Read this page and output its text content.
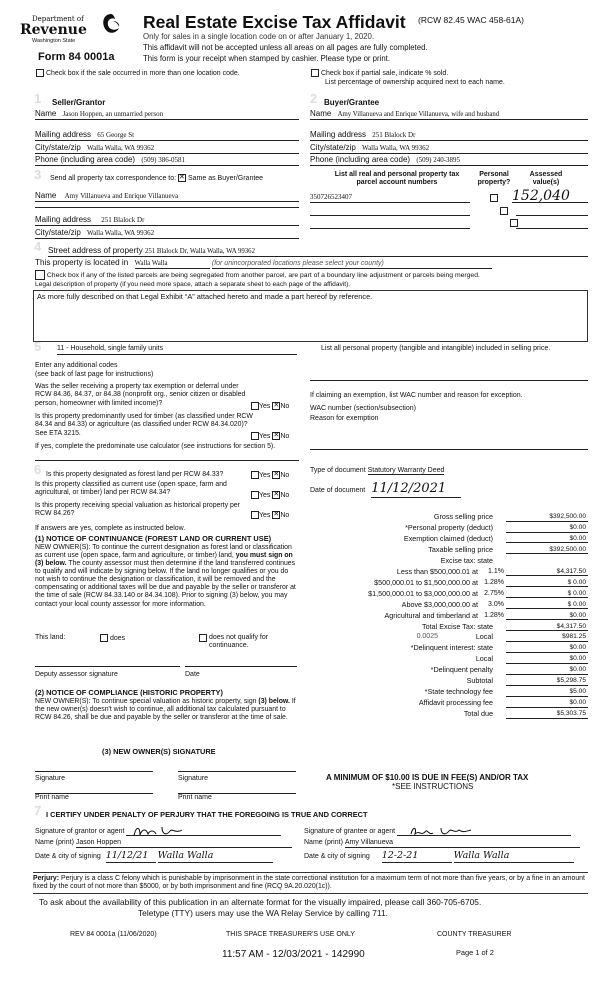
Department of
Revenue
Washington State
Form 84 0001a
Real Estate Excise Tax Affidavit (RCW 82.45 WAC 458-61A)
Only for sales in a single location code on or after January 1, 2020.
This affidavit will not be accepted unless all areas on all pages are fully completed.
This form is your receipt when stamped by cashier. Please type or print.
Check box if the sale occurred in more than one location code.	Check box if partial sale, indicate % sold.
List percentage of ownership acquired next to each name.
1 Seller/Grantor
Name Jason Hoppen, an unmarried person
Mailing address 65 George St
City/state/zip Walla Walla, WA 99362
Phone (including area code) (509) 386-0581
2 Buyer/Grantee
Name Amy Villanueva and Enrique Villanueva, wife and husband
Mailing address 251 Blalock Dr
City/state/zip Walla Walla, WA 99362
Phone (including area code) (509) 240-3895
3 Send all property tax correspondence to: ✕ Same as Buyer/Grantee
Name Amy Villanueva and Enrique Villanueva
Mailing address 251 Blalock Dr
City/state/zip Walla Walla, WA 99362
List all real and personal property tax
parcel account numbers
Personal property?
Assessed value(s)
350726523407
	152,040
4 Street address of property 251 Blalock Dr, Walla Walla, WA 99362
This property is located in Walla Walla	(for unincorporated locations please select your county)
Check box if any of the listed parcels are being segregated from another parcel, are part of a boundary line adjustment or parcels being merged.
Legal description of property (if you need more space, attach a separate sheet to each page of the affidavit).
As more fully described on that Legal Exhibit “A” attached hereto and made a part hereof by reference.
5 11 - Household, single family units
Enter any additional codes
(see back of last page for instructions)
Was the seller receiving a property tax exemption or deferral under RCW 84.36, 84.37, or 84.38 (nonprofit org., senior citizen or disabled person, homeowner with limited income)?	Yes ✕ No
Is this property predominantly used for timber (as classified under RCW 84.34 and 84.33) or agriculture (as classified under RCW 84.34.020)? See ETA 3215.	Yes ✕ No
If yes, complete the predominate use calculator (see instructions for section 5).
List all personal property (tangible and intangible) included in selling price.
If claiming an exemption, list WAC number and reason for exception.
WAC number (section/subsection)
Reason for exemption
6 Is this property designated as forest land per RCW 84.33?	Yes ✕ No
Is this property classified as current use (open space, farm and agricultural, or timber) land per RCW 84.34?	Yes ✕ No
Is this property receiving special valuation as historical property per RCW 84.26?	Yes ✕ No
If answers are yes, complete as instructed below.
(1) NOTICE OF CONTINUANCE (FOREST LAND OR CURRENT USE)
NEW OWNER(S): To continue the current designation as forest land or classification as current use (open space, farm and agriculture, or timber) land, you must sign on (3) below. The county assessor must then determine if the land transferred continues to qualify and will indicate by signing below. If the land no longer qualifies or you do not wish to continue the designation or classification, it will be removed and the compensating or additional taxes will be due and payable by the seller or transferor at the time of sale (RCW 84.33.140 or 84.34.108). Prior to signing (3) below, you may contact your local county assessor for more information.
This land:	does	does not qualify for continuance.
Deputy assessor signature	Date
(2) NOTICE OF COMPLIANCE (HISTORIC PROPERTY)
NEW OWNER(S): To continue special valuation as historic property, sign (3) below. If the new owner(s) doesn't wish to continue, all additional tax calculated pursuant to RCW 84.26, shall be due and payable by the seller or transferor at the time of sale.
(3) NEW OWNER(S) SIGNATURE
Signature	Signature
Print name	Print name
Type of document Statutory Warranty Deed
Date of document 11/12/2021
Gross selling price	$392,500.00
*Personal property (deduct)	$0.00
Exemption claimed (deduct)	$0.00
Taxable selling price	$392,500.00
Excise tax: state
Less than $500,000.01 at 1.1%	$4,317.50
$500,000.01 to $1,500,000.00 at 1.28%	$ 0.00
$1,500,000.01 to $3,000,000.00 at 2.75%	$ 0.00
Above $3,000,000.00 at 3.0%	$ 0.00
Agricultural and timberland at 1.28%	$0.00
Total Excise Tax: state	$4,317.50
Local
0.0025	$981.25
*Delinquent interest: state	$0.00
Local	$0.00
*Delinquent penalty	$0.00
Subtotal	$5,298.75
*State technology fee	$5.00
Affidavit processing fee	$0.00
Total due	$5,303.75
A MINIMUM OF $10.00 IS DUE IN FEE(S) AND/OR TAX
*SEE INSTRUCTIONS
7 I CERTIFY UNDER PENALTY OF PERJURY THAT THE FOREGOING IS TRUE AND CORRECT
Signature of grantor or agent	Signature of grantee or agent
Name (print) Jason Hoppen	Name (print) Amy Villanueva
Date & city of signing 11/12/21 Walla Walla	Date & city of signing 12-2-21	Walla Walla
Perjury: Perjury is a class C felony which is punishable by imprisonment in the state correctional institution for a maximum term of not more than five years, or by a fine in an amount fixed by the court of not more than $5000, or by both imprisonment and fine (RCQ 9A.20.020(1c)).
To ask about the availability of this publication in an alternate format for the visually impaired, please call 360-705-6705.
Teletype (TTY) users may use the WA Relay Service by calling 711.
REV 84 0001a (11/06/2020)	THIS SPACE TREASURER'S USE ONLY	COUNTY TREASURER
11:57 AM - 12/03/2021 - 142990	Page 1 of 2
